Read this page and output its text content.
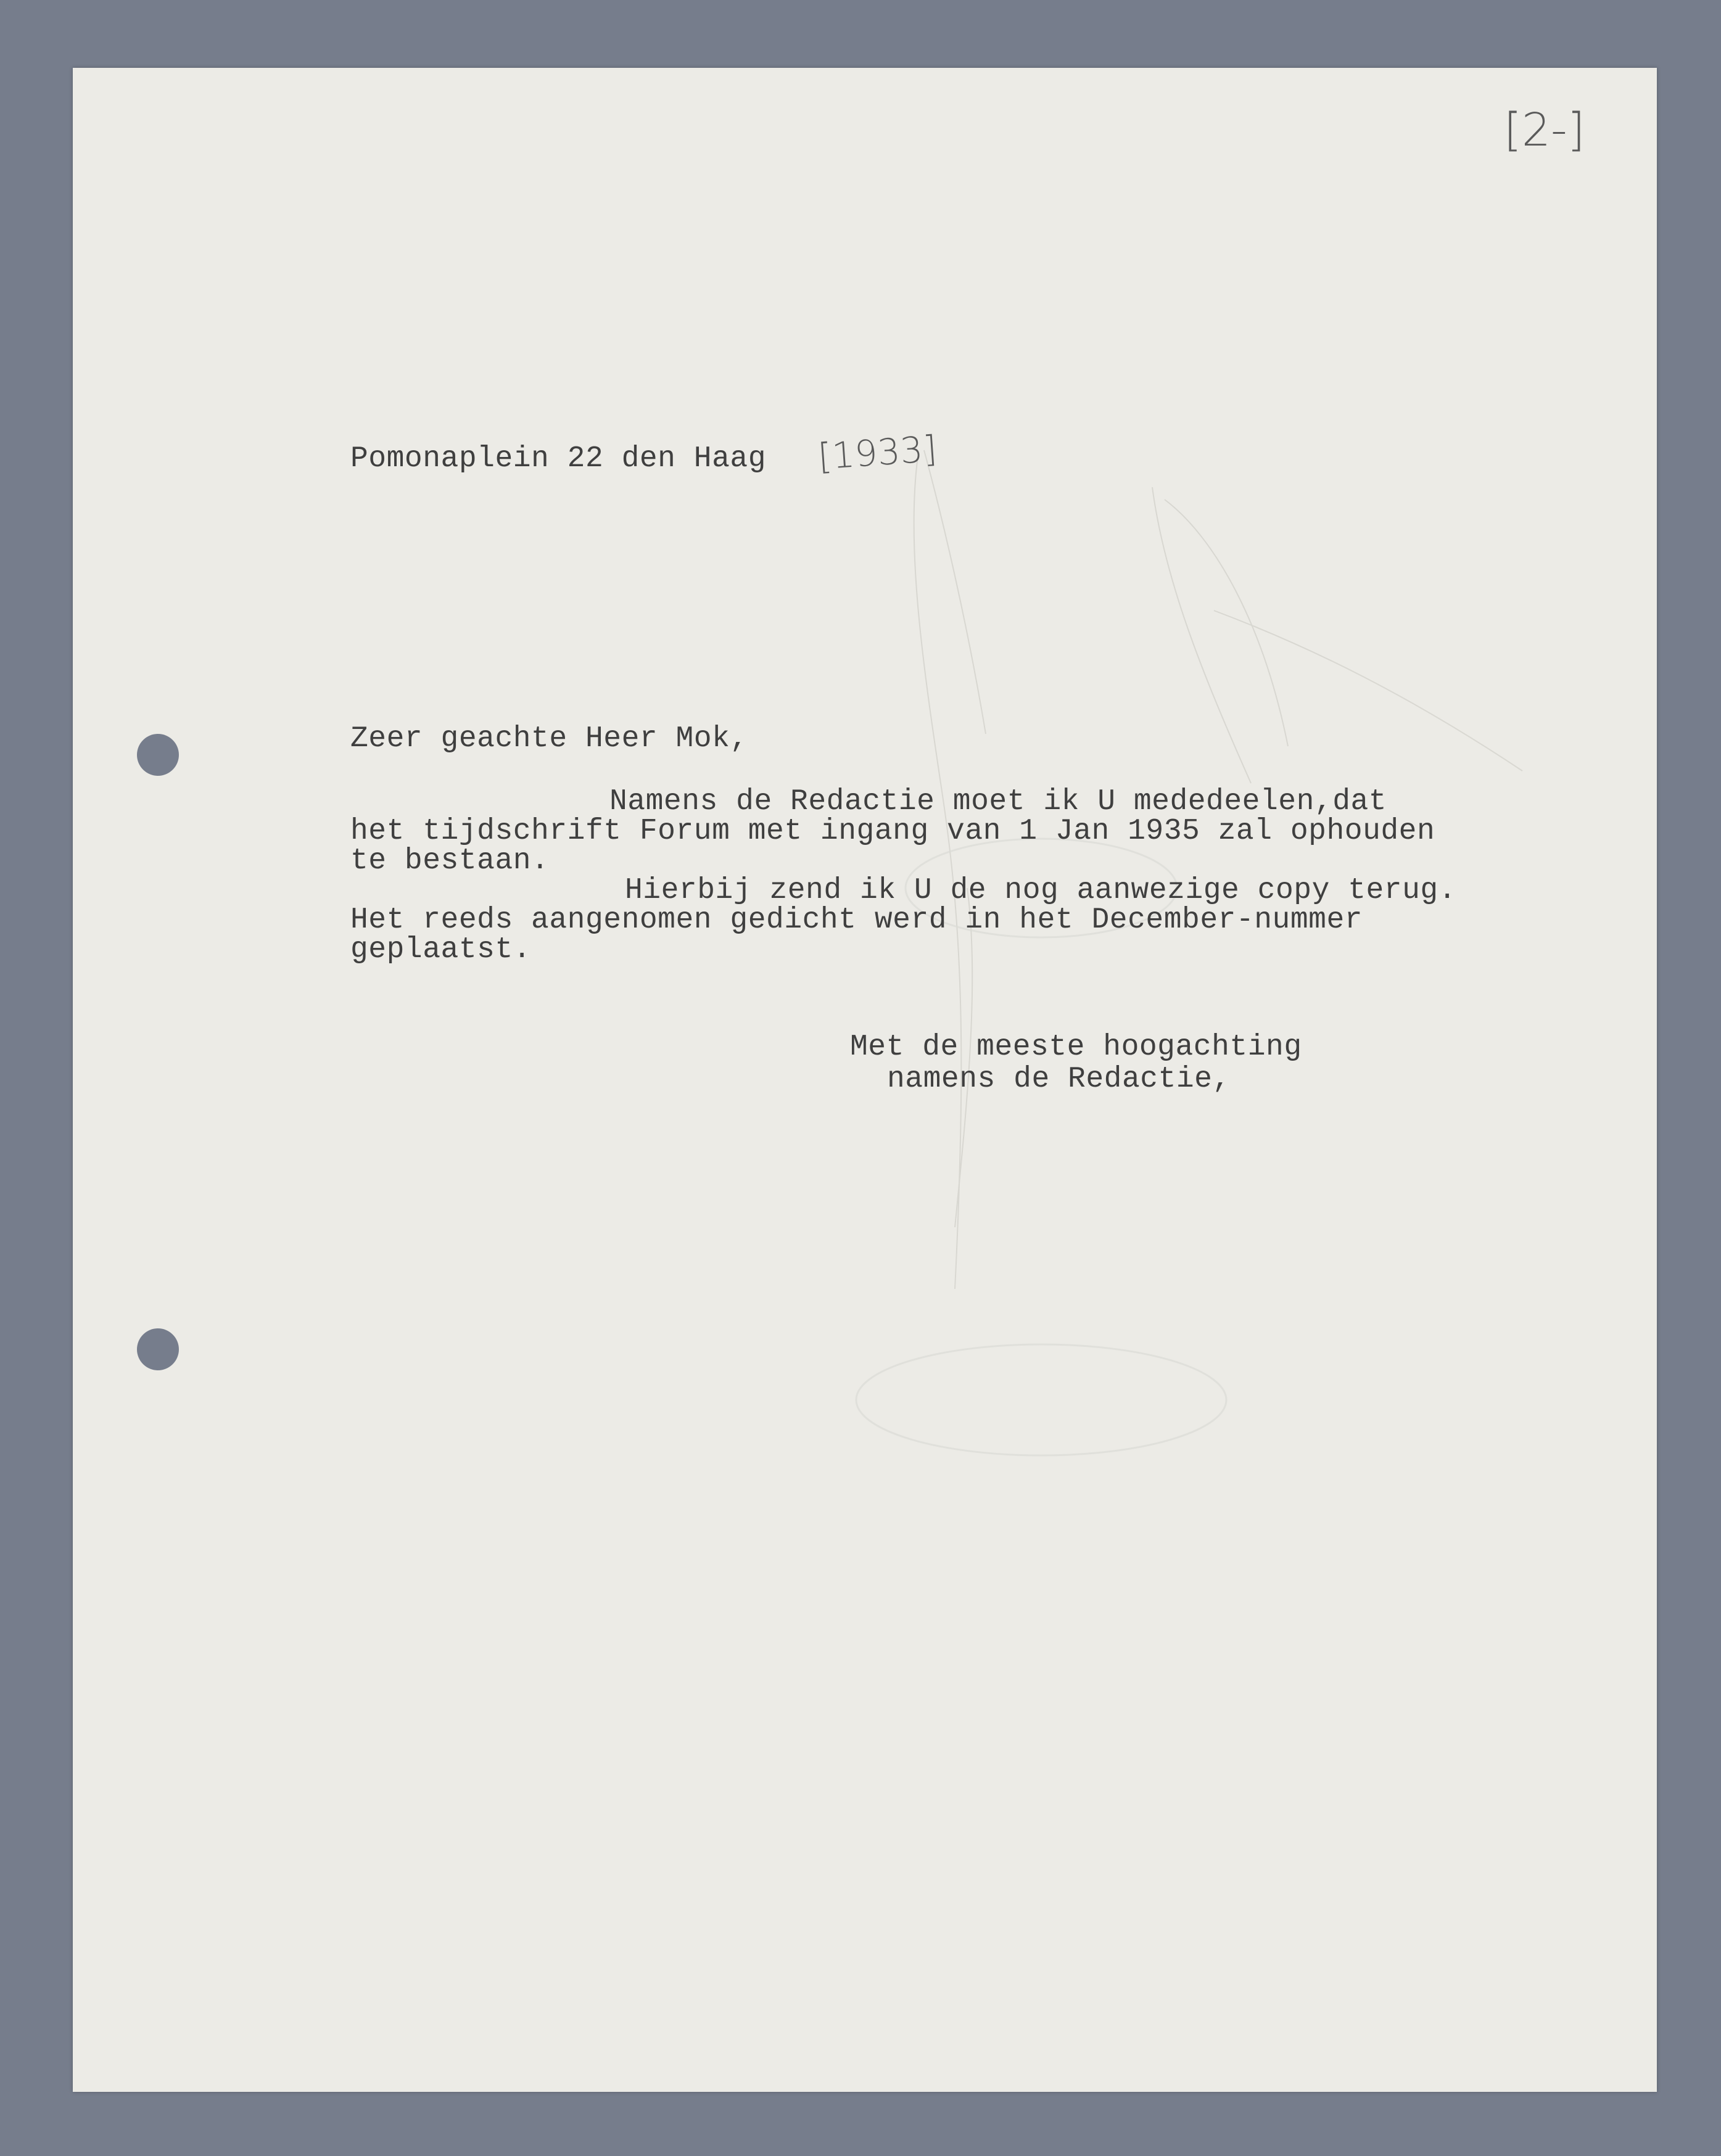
[2-]
Pomonaplein 22 den Haag [1933]
Zeer geachte Heer Mok,
Namens de Redactie moet ik U mededeelen,dat
het tijdschrift Forum met ingang van 1 Jan 1935 zal ophouden
te bestaan.
Hierbij zend ik U de nog aanwezige copy terug.
Het reeds aangenomen gedicht werd in het December-nummer
geplaatst.
Met de meeste hoogachting
namens de Redactie,
